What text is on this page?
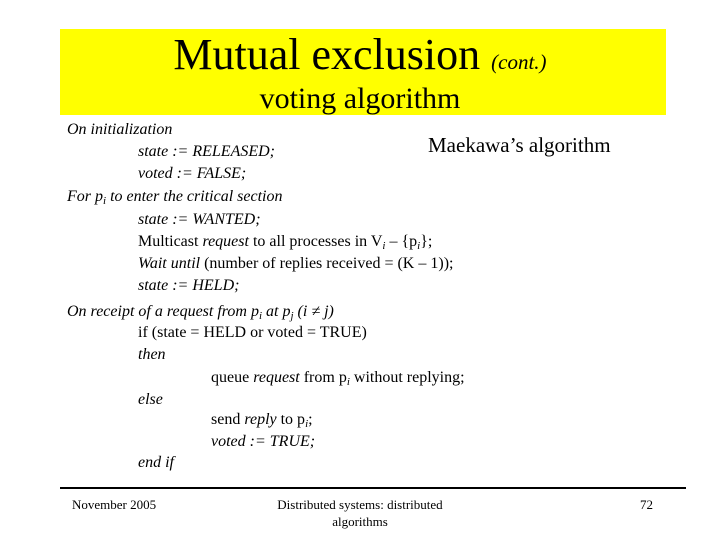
Mutual exclusion (cont.)
voting algorithm
Maekawa’s algorithm
On initialization
state := RELEASED;
voted := FALSE;
For $p_i$ to enter the critical section
state := WANTED;
Multicast request to all processes in $V_i - \{p_i\}$;
Wait until (number of replies received = (K – 1));
state := HELD;
On receipt of a request from $p_i$ at $p_j$ (i ≠ j)
if (state = HELD or voted = TRUE)
then
queue request from $p_i$ without replying;
else
send reply to $p_i$;
voted := TRUE;
end if
November 2005	Distributed systems: distributed
algorithms
72
